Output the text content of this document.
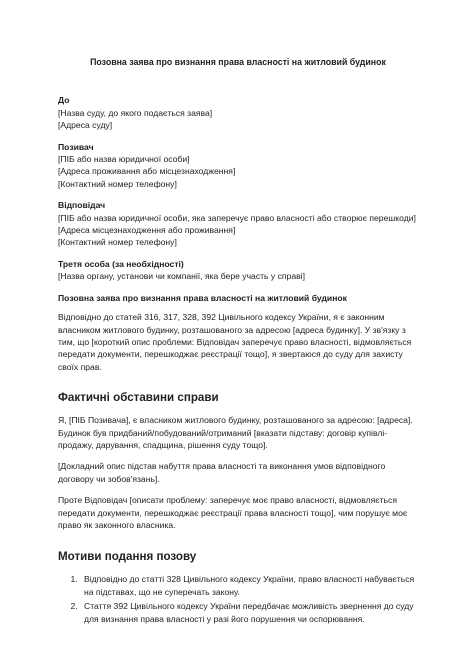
Позовна заява про визнання права власності на житловий будинок
До
[Назва суду, до якого подається заява]
[Адреса суду]
Позивач
[ПІБ або назва юридичної особи]
[Адреса проживання або місцезнаходження]
[Контактний номер телефону]
Відповідач
[ПІБ або назва юридичної особи, яка заперечує право власності або створює перешкоди]
[Адреса місцезнаходження або проживання]
[Контактний номер телефону]
Третя особа (за необхідності)
[Назва органу, установи чи компанії, яка бере участь у справі]
Позовна заява про визнання права власності на житловий будинок
Відповідно до статей 316, 317, 328, 392 Цивільного кодексу України, я є законним власником житлового будинку, розташованого за адресою [адреса будинку]. У зв'язку з тим, що [короткий опис проблеми: Відповідач заперечує право власності, відмовляється передати документи, перешкоджає реєстрації тощо], я звертаюся до суду для захисту своїх прав.
Фактичні обставини справи
Я, [ПІБ Позивача], є власником житлового будинку, розташованого за адресою: [адреса]. Будинок був придбаний/побудований/отриманий [вказати підставу: договір купівлі-продажу, дарування, спадщина, рішення суду тощо].
[Докладний опис підстав набуття права власності та виконання умов відповідного договору чи зобов'язань].
Проте Відповідач [описати проблему: заперечує моє право власності, відмовляється передати документи, перешкоджає реєстрації права власності тощо], чим порушує моє право як законного власника.
Мотиви подання позову
1. Відповідно до статті 328 Цивільного кодексу України, право власності набувається на підставах, що не суперечать закону.
2. Стаття 392 Цивільного кодексу України передбачає можливість звернення до суду для визнання права власності у разі його порушення чи оспорювання.
